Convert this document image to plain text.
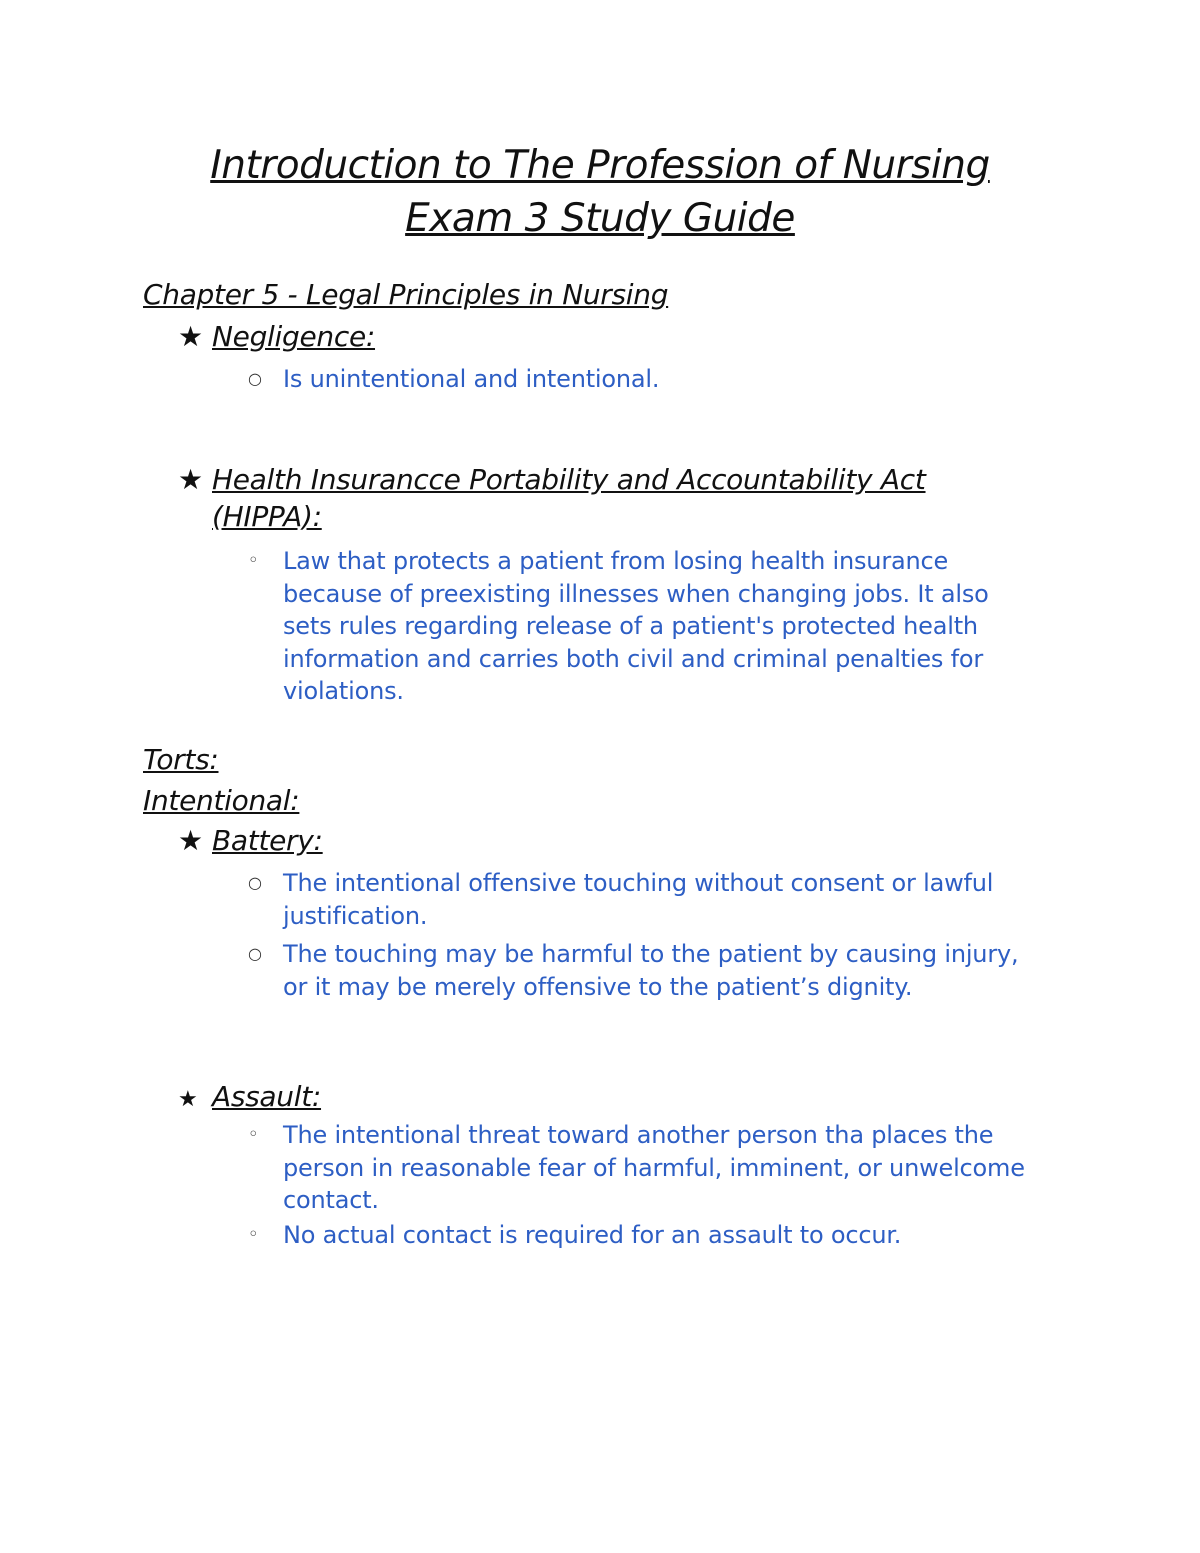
Introduction to The Profession of Nursing
Exam 3 Study Guide
Chapter 5 - Legal Principles in Nursing
★ Negligence:
○ Is unintentional and intentional.
★ Health Insurancce Portability and Accountability Act
(HIPPA):
◦	Law that protects a patient from losing health insurance because of preexisting illnesses when changing jobs. It also sets rules regarding release of a patient's protected health information and carries both civil and criminal penalties for violations.
Torts:
Intentional:
★ Battery:
○ The intentional offensive touching without consent or lawful justification.
○ The touching may be harmful to the patient by causing injury, or it may be merely offensive to the patient’s dignity.
★ Assault:
◦	The intentional threat toward another person tha places the person in reasonable fear of harmful, imminent, or unwelcome contact.
◦	No actual contact is required for an assault to occur.
